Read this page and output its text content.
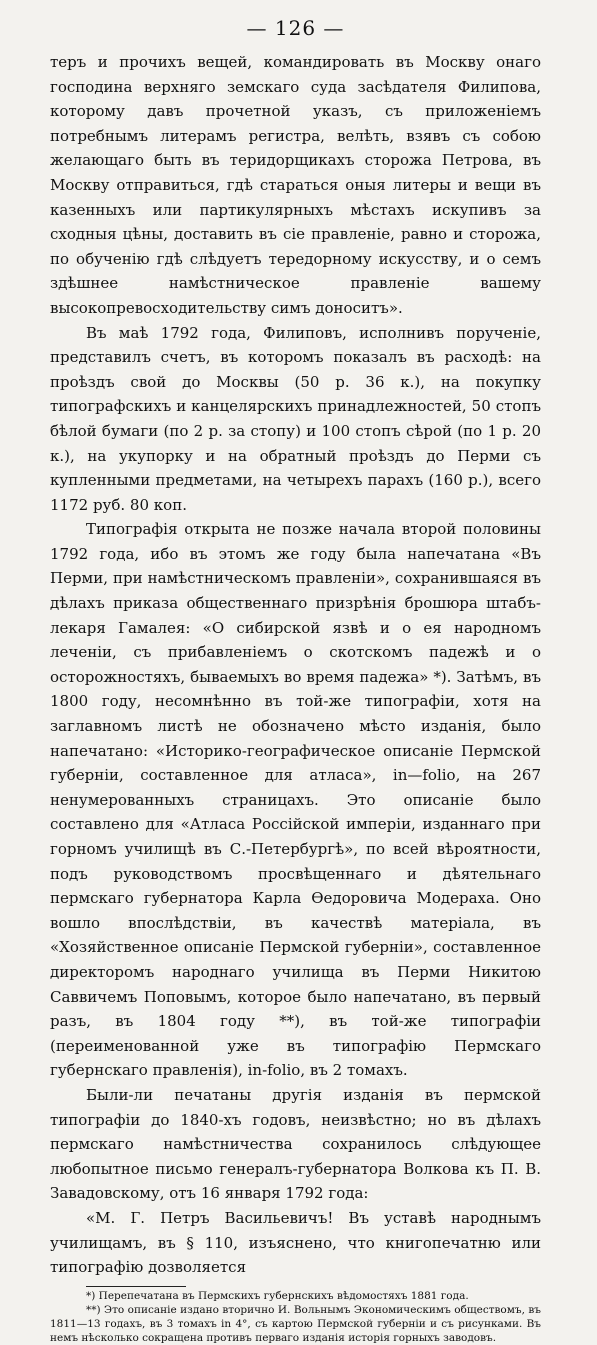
— 126 —

теръ и прочихъ вещей, командировать въ Москву онаго господина верхняго земскаго суда засѣдателя Филипова, которому давъ прочетной указъ, съ приложеніемъ потребнымъ литерамъ регистра, велѣть, взявъ съ собою желающаго быть въ теридорщикахъ сторожа Петрова, въ Москву отправиться, гдѣ стараться оныя литеры и вещи въ казенныхъ или партикулярныхъ мѣстахъ искупивъ за сходныя цѣны, доставить въ сіе правленіе, равно и сторожа, по обученію гдѣ слѣдуетъ тередорному искусству, и о семъ здѣшнее намѣстническое правленіе вашему высокопревосходительству симъ доноситъ».

Въ маѣ 1792 года, Филиповъ, исполнивъ порученіе, представилъ счетъ, въ которомъ показалъ въ расходѣ: на проѣздъ свой до Москвы (50 р. 36 к.), на покупку типографскихъ и канцелярскихъ принадлежностей, 50 стопъ бѣлой бумаги (по 2 р. за стопу) и 100 стопъ сѣрой (по 1 р. 20 к.), на укупорку и на обратный проѣздъ до Перми съ купленными предметами, на четырехъ парахъ (160 р.), всего 1172 руб. 80 коп.

Типографія открыта не позже начала второй половины 1792 года, ибо въ этомъ же году была напечатана «Въ Перми, при намѣстническомъ правленіи», сохранившаяся въ дѣлахъ приказа общественнаго призрѣнія брошюра штабъ-лекаря Гамалея: «О сибирской язвѣ и о ея народномъ леченіи, съ прибавленіемъ о скотскомъ падежѣ и о осторожностяхъ, бываемыхъ во время падежа» *). Затѣмъ, въ 1800 году, несомнѣнно въ той-же типографіи, хотя на заглавномъ листѣ не обозначено мѣсто изданія, было напечатано: «Историко-географическое описаніе Пермской губерніи, составленное для атласа», in—folio, на 267 ненумерованныхъ страницахъ. Это описаніе было составлено для «Атласа Россійской имперіи, изданнаго при горномъ училищѣ въ С.-Петербургѣ», по всей вѣроятности, подъ руководствомъ просвѣщеннаго и дѣятельнаго пермскаго губернатора Карла Ѳедоровича Модераха. Оно вошло впослѣдствіи, въ качествѣ матеріала, въ «Хозяйственное описаніе Пермской губерніи», составленное директоромъ народнаго училища въ Перми Никитою Саввичемъ Поповымъ, которое было напечатано, въ первый разъ, въ 1804 году **), въ той-же типографіи (переименованной уже въ типографію Пермскаго губернскаго правленія), in-folio, въ 2 томахъ.

Были-ли печатаны другія изданія въ пермской типографіи до 1840-хъ годовъ, неизвѣстно; но въ дѣлахъ пермскаго намѣстничества сохранилось слѣдующее любопытное письмо генералъ-губернатора Волкова къ П. В. Завадовскому, отъ 16 января 1792 года:

«М. Г. Петръ Васильевичъ! Въ уставѣ народнымъ училищамъ, въ § 110, изъяснено, что книгопечатню или типографію дозволяется

*) Перепечатана въ Пермскихъ губернскихъ вѣдомостяхъ 1881 года.

**) Это описаніе издано вторично И. Вольнымъ Экономическимъ обществомъ, въ 1811—13 годахъ, въ 3 томахъ in 4°, съ картою Пермской губерніи и съ рисунками. Въ немъ нѣсколько сокращена противъ перваго изданія исторія горныхъ заводовъ.
